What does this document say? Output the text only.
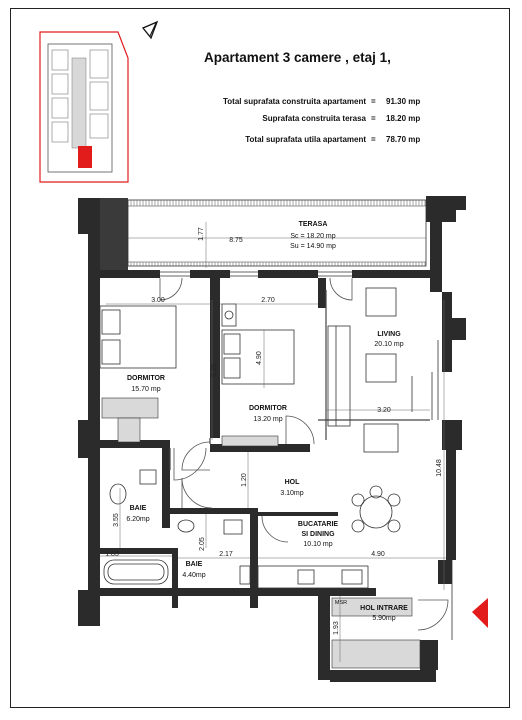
Apartament 3 camere , etaj 1,
Total suprafata construita apartament = 91.30 mp
Suprafata construita terasa = 18.20 mp
Total suprafata utila apartament = 78.70 mp
TERASA
Sc = 18.20 mp
Su = 14.90 mp
DORMITOR
15.70 mp
DORMITOR
13.20 mp
LIVING
20.10 mp
HOL
3.10mp
BAIE
6.20mp
BAIE
4.40mp
BUCATARIE
SI DINING
10.10 mp
HOL INTRARE
5.90mp
MSR
1.77	8.75
3.00	2.70
6.21
4.90
3.20
10.48
1.20
3.55
1.83
2.05
2.17	4.90
1.93
